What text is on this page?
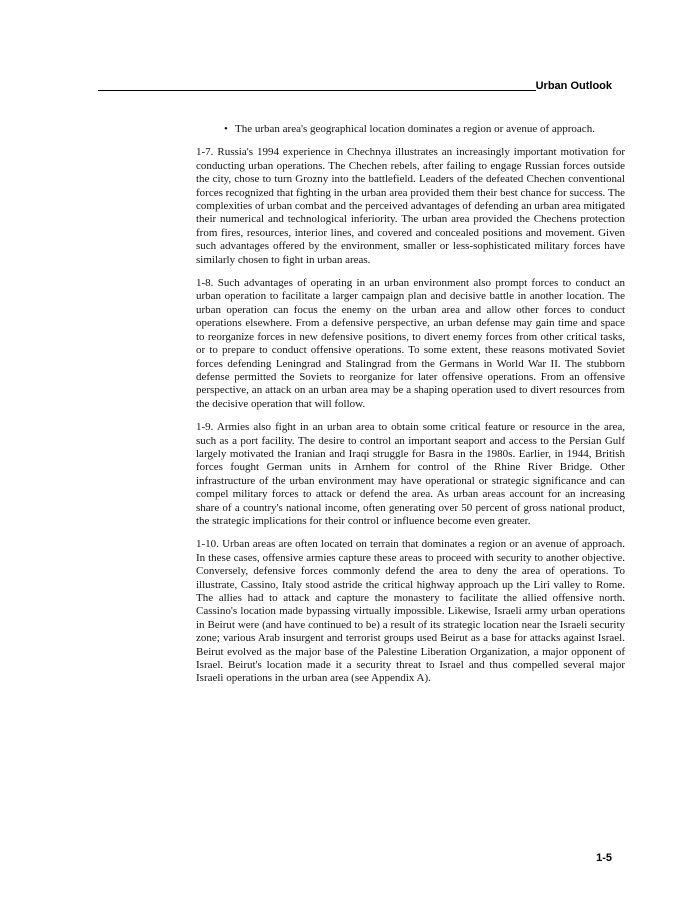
Urban Outlook
• The urban area's geographical location dominates a region or avenue of approach.

1-7. Russia's 1994 experience in Chechnya illustrates an increasingly important motivation for conducting urban operations. The Chechen rebels, after failing to engage Russian forces outside the city, chose to turn Grozny into the battlefield. Leaders of the defeated Chechen conventional forces recognized that fighting in the urban area provided them their best chance for success. The complexities of urban combat and the perceived advantages of defending an urban area mitigated their numerical and technological inferiority. The urban area provided the Chechens protection from fires, resources, interior lines, and covered and concealed positions and movement. Given such advantages offered by the environment, smaller or less-sophisticated military forces have similarly chosen to fight in urban areas.

1-8. Such advantages of operating in an urban environment also prompt forces to conduct an urban operation to facilitate a larger campaign plan and decisive battle in another location. The urban operation can focus the enemy on the urban area and allow other forces to conduct operations elsewhere. From a defensive perspective, an urban defense may gain time and space to reorganize forces in new defensive positions, to divert enemy forces from other critical tasks, or to prepare to conduct offensive operations. To some extent, these reasons motivated Soviet forces defending Leningrad and Stalingrad from the Germans in World War II. The stubborn defense permitted the Soviets to reorganize for later offensive operations. From an offensive perspective, an attack on an urban area may be a shaping operation used to divert resources from the decisive operation that will follow.

1-9. Armies also fight in an urban area to obtain some critical feature or resource in the area, such as a port facility. The desire to control an important seaport and access to the Persian Gulf largely motivated the Iranian and Iraqi struggle for Basra in the 1980s. Earlier, in 1944, British forces fought German units in Arnhem for control of the Rhine River Bridge. Other infrastructure of the urban environment may have operational or strategic significance and can compel military forces to attack or defend the area. As urban areas account for an increasing share of a country's national income, often generating over 50 percent of gross national product, the strategic implications for their control or influence become even greater.

1-10. Urban areas are often located on terrain that dominates a region or an avenue of approach. In these cases, offensive armies capture these areas to proceed with security to another objective. Conversely, defensive forces commonly defend the area to deny the area of operations. To illustrate, Cassino, Italy stood astride the critical highway approach up the Liri valley to Rome. The allies had to attack and capture the monastery to facilitate the allied offensive north. Cassino's location made bypassing virtually impossible. Likewise, Israeli army urban operations in Beirut were (and have continued to be) a result of its strategic location near the Israeli security zone; various Arab insurgent and terrorist groups used Beirut as a base for attacks against Israel. Beirut evolved as the major base of the Palestine Liberation Organization, a major opponent of Israel. Beirut's location made it a security threat to Israel and thus compelled several major Israeli operations in the urban area (see Appendix A).

1-5
